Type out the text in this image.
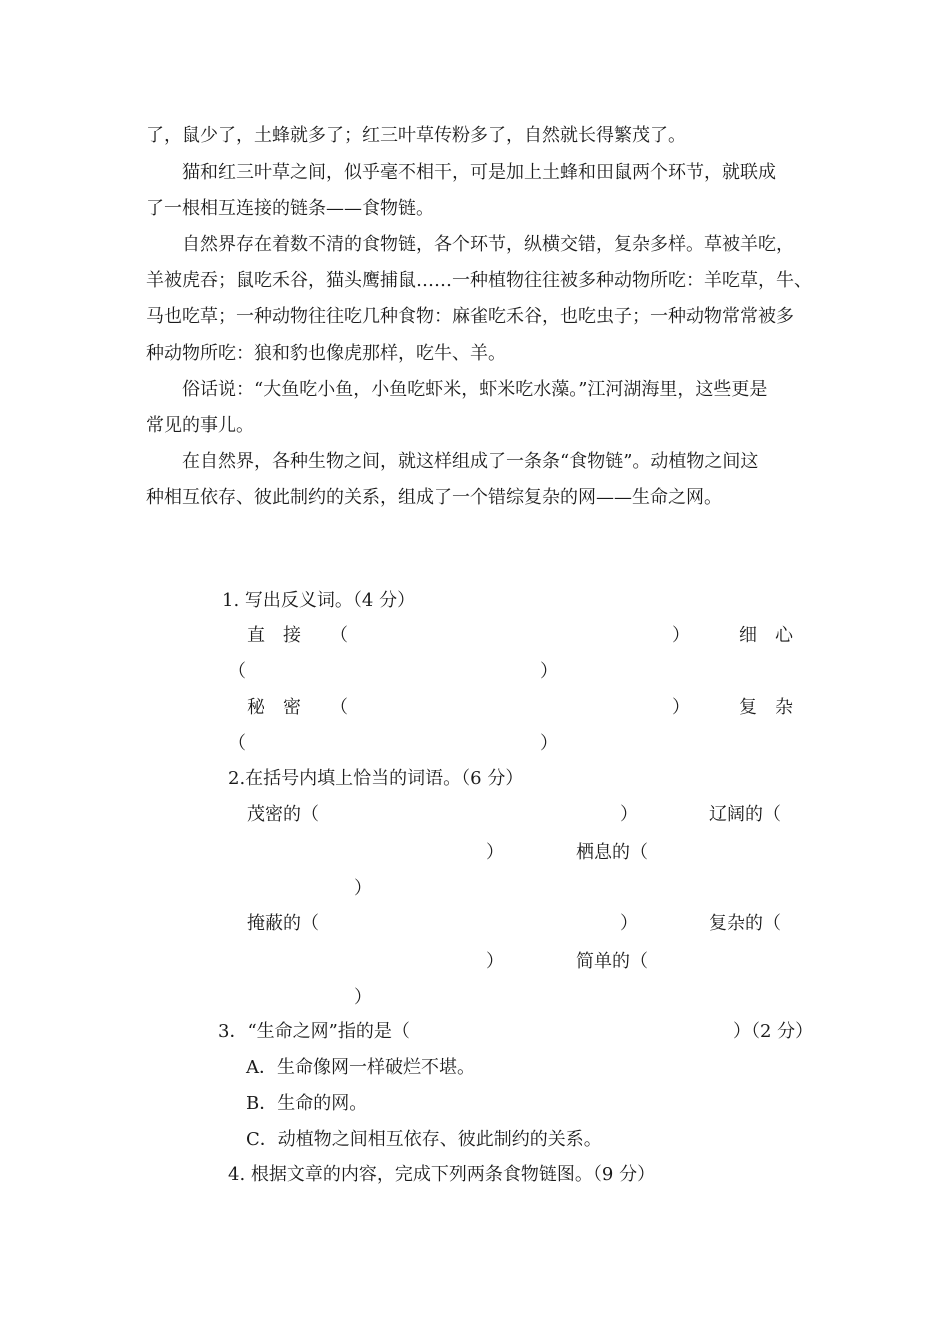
了，鼠少了，土蜂就多了；红三叶草传粉多了，自然就长得繁茂了。
猫和红三叶草之间，似乎毫不相干，可是加上土蜂和田鼠两个环节，就联成
了一根相互连接的链条——食物链。
自然界存在着数不清的食物链，各个环节，纵横交错，复杂多样。草被羊吃，
羊被虎吞；鼠吃禾谷，猫头鹰捕鼠……一种植物往往被多种动物所吃：羊吃草，牛、
马也吃草；一种动物往往吃几种食物：麻雀吃禾谷，也吃虫子；一种动物常常被多
种动物所吃：狼和豹也像虎那样，吃牛、羊。
俗话说：“大鱼吃小鱼，小鱼吃虾米，虾米吃水藻。”江河湖海里，这些更是
常见的事儿。
在自然界，各种生物之间，就这样组成了一条条“食物链”。动植物之间这
种相互依存、彼此制约的关系，组成了一个错综复杂的网——生命之网。
1. 写出反义词。（4 分）
直　接 （	）	细　心
（	）
秘　密 （	）	复　杂
（	）
2.在括号内填上恰当的词语。（6 分）
茂密的（	）	辽阔的（
）	栖息的（
）
掩蔽的（	）	复杂的（
）	简单的（
）
3．“生命之网”指的是（	）（2 分）
A．生命像网一样破烂不堪。
B．生命的网。
C．动植物之间相互依存、彼此制约的关系。
4. 根据文章的内容，完成下列两条食物链图。（9 分）
